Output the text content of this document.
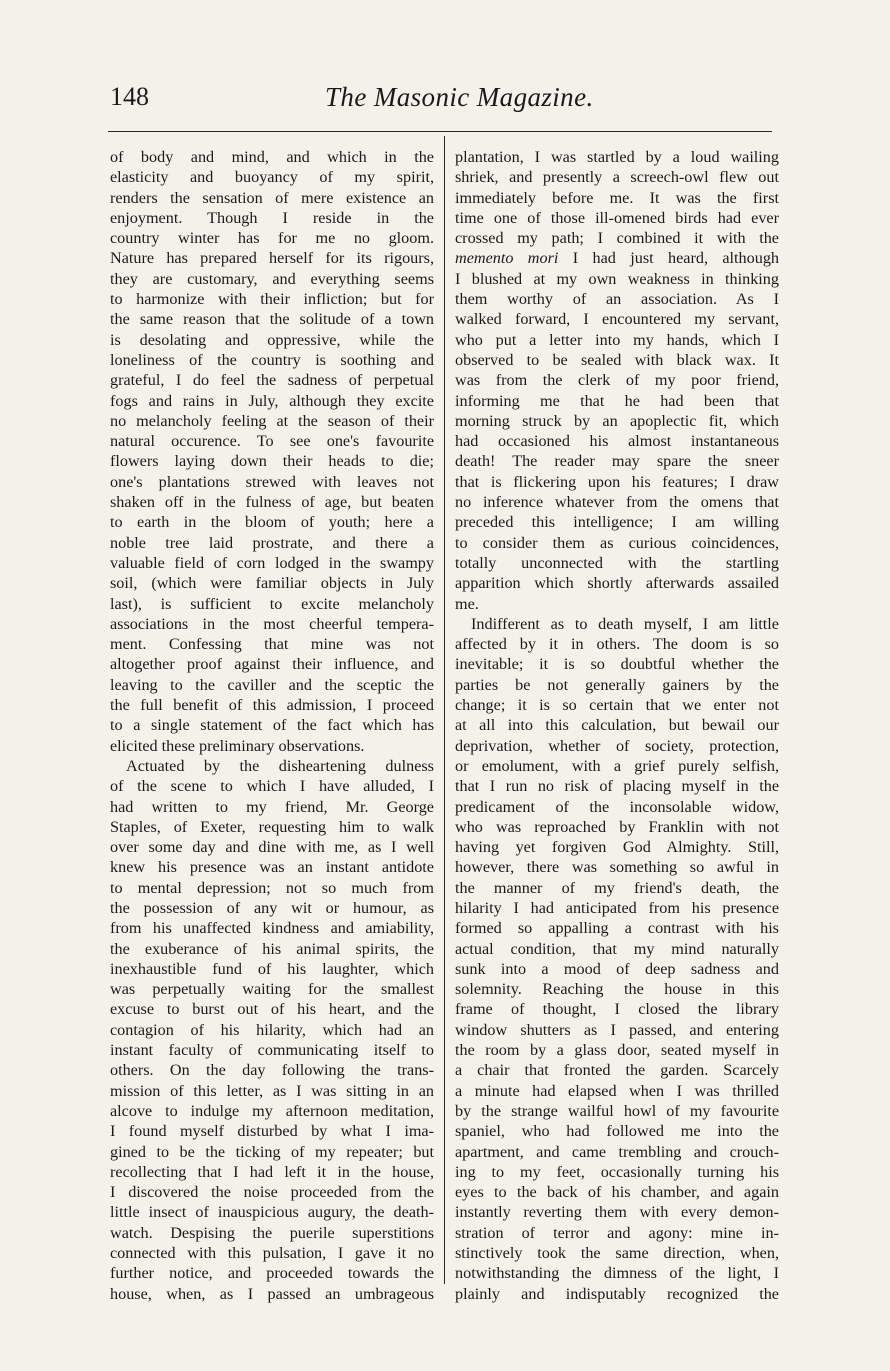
148	The Masonic Magazine.
of body and mind, and which in the
elasticity and buoyancy of my spirit,
renders the sensation of mere existence an
enjoyment. Though I reside in the
country winter has for me no gloom.
Nature has prepared herself for its rigours,
they are customary, and everything seems
to harmonize with their infliction; but for
the same reason that the solitude of a town
is desolating and oppressive, while the
loneliness of the country is soothing and
grateful, I do feel the sadness of perpetual
fogs and rains in July, although they excite
no melancholy feeling at the season of their
natural occurence. To see one's favourite
flowers laying down their heads to die;
one's plantations strewed with leaves not
shaken off in the fulness of age, but beaten
to earth in the bloom of youth; here a
noble tree laid prostrate, and there a
valuable field of corn lodged in the swampy
soil, (which were familiar objects in July
last), is sufficient to excite melancholy
associations in the most cheerful tempera-
ment. Confessing that mine was not
altogether proof against their influence, and
leaving to the caviller and the sceptic the
the full benefit of this admission, I proceed
to a single statement of the fact which has
elicited these preliminary observations.
Actuated by the disheartening dulness
of the scene to which I have alluded, I
had written to my friend, Mr. George
Staples, of Exeter, requesting him to walk
over some day and dine with me, as I well
knew his presence was an instant antidote
to mental depression; not so much from
the possession of any wit or humour, as
from his unaffected kindness and amiability,
the exuberance of his animal spirits, the
inexhaustible fund of his laughter, which
was perpetually waiting for the smallest
excuse to burst out of his heart, and the
contagion of his hilarity, which had an
instant faculty of communicating itself to
others. On the day following the trans-
mission of this letter, as I was sitting in an
alcove to indulge my afternoon meditation,
I found myself disturbed by what I ima-
gined to be the ticking of my repeater; but
recollecting that I had left it in the house,
I discovered the noise proceeded from the
little insect of inauspicious augury, the death-
watch. Despising the puerile superstitions
connected with this pulsation, I gave it no
further notice, and proceeded towards the
house, when, as I passed an umbrageous
plantation, I was startled by a loud wailing
shriek, and presently a screech-owl flew out
immediately before me. It was the first
time one of those ill-omened birds had ever
crossed my path; I combined it with the
memento mori I had just heard, although
I blushed at my own weakness in thinking
them worthy of an association. As I
walked forward, I encountered my servant,
who put a letter into my hands, which I
observed to be sealed with black wax. It
was from the clerk of my poor friend,
informing me that he had been that
morning struck by an apoplectic fit, which
had occasioned his almost instantaneous
death! The reader may spare the sneer
that is flickering upon his features; I draw
no inference whatever from the omens that
preceded this intelligence; I am willing
to consider them as curious coincidences,
totally unconnected with the startling
apparition which shortly afterwards assailed
me.
Indifferent as to death myself, I am little
affected by it in others. The doom is so
inevitable; it is so doubtful whether the
parties be not generally gainers by the
change; it is so certain that we enter not
at all into this calculation, but bewail our
deprivation, whether of society, protection,
or emolument, with a grief purely selfish,
that I run no risk of placing myself in the
predicament of the inconsolable widow,
who was reproached by Franklin with not
having yet forgiven God Almighty. Still,
however, there was something so awful in
the manner of my friend's death, the
hilarity I had anticipated from his presence
formed so appalling a contrast with his
actual condition, that my mind naturally
sunk into a mood of deep sadness and
solemnity. Reaching the house in this
frame of thought, I closed the library
window shutters as I passed, and entering
the room by a glass door, seated myself in
a chair that fronted the garden. Scarcely
a minute had elapsed when I was thrilled
by the strange wailful howl of my favourite
spaniel, who had followed me into the
apartment, and came trembling and crouch-
ing to my feet, occasionally turning his
eyes to the back of his chamber, and again
instantly reverting them with every demon-
stration of terror and agony: mine in-
stinctively took the same direction, when,
notwithstanding the dimness of the light, I
plainly and indisputably recognized the
